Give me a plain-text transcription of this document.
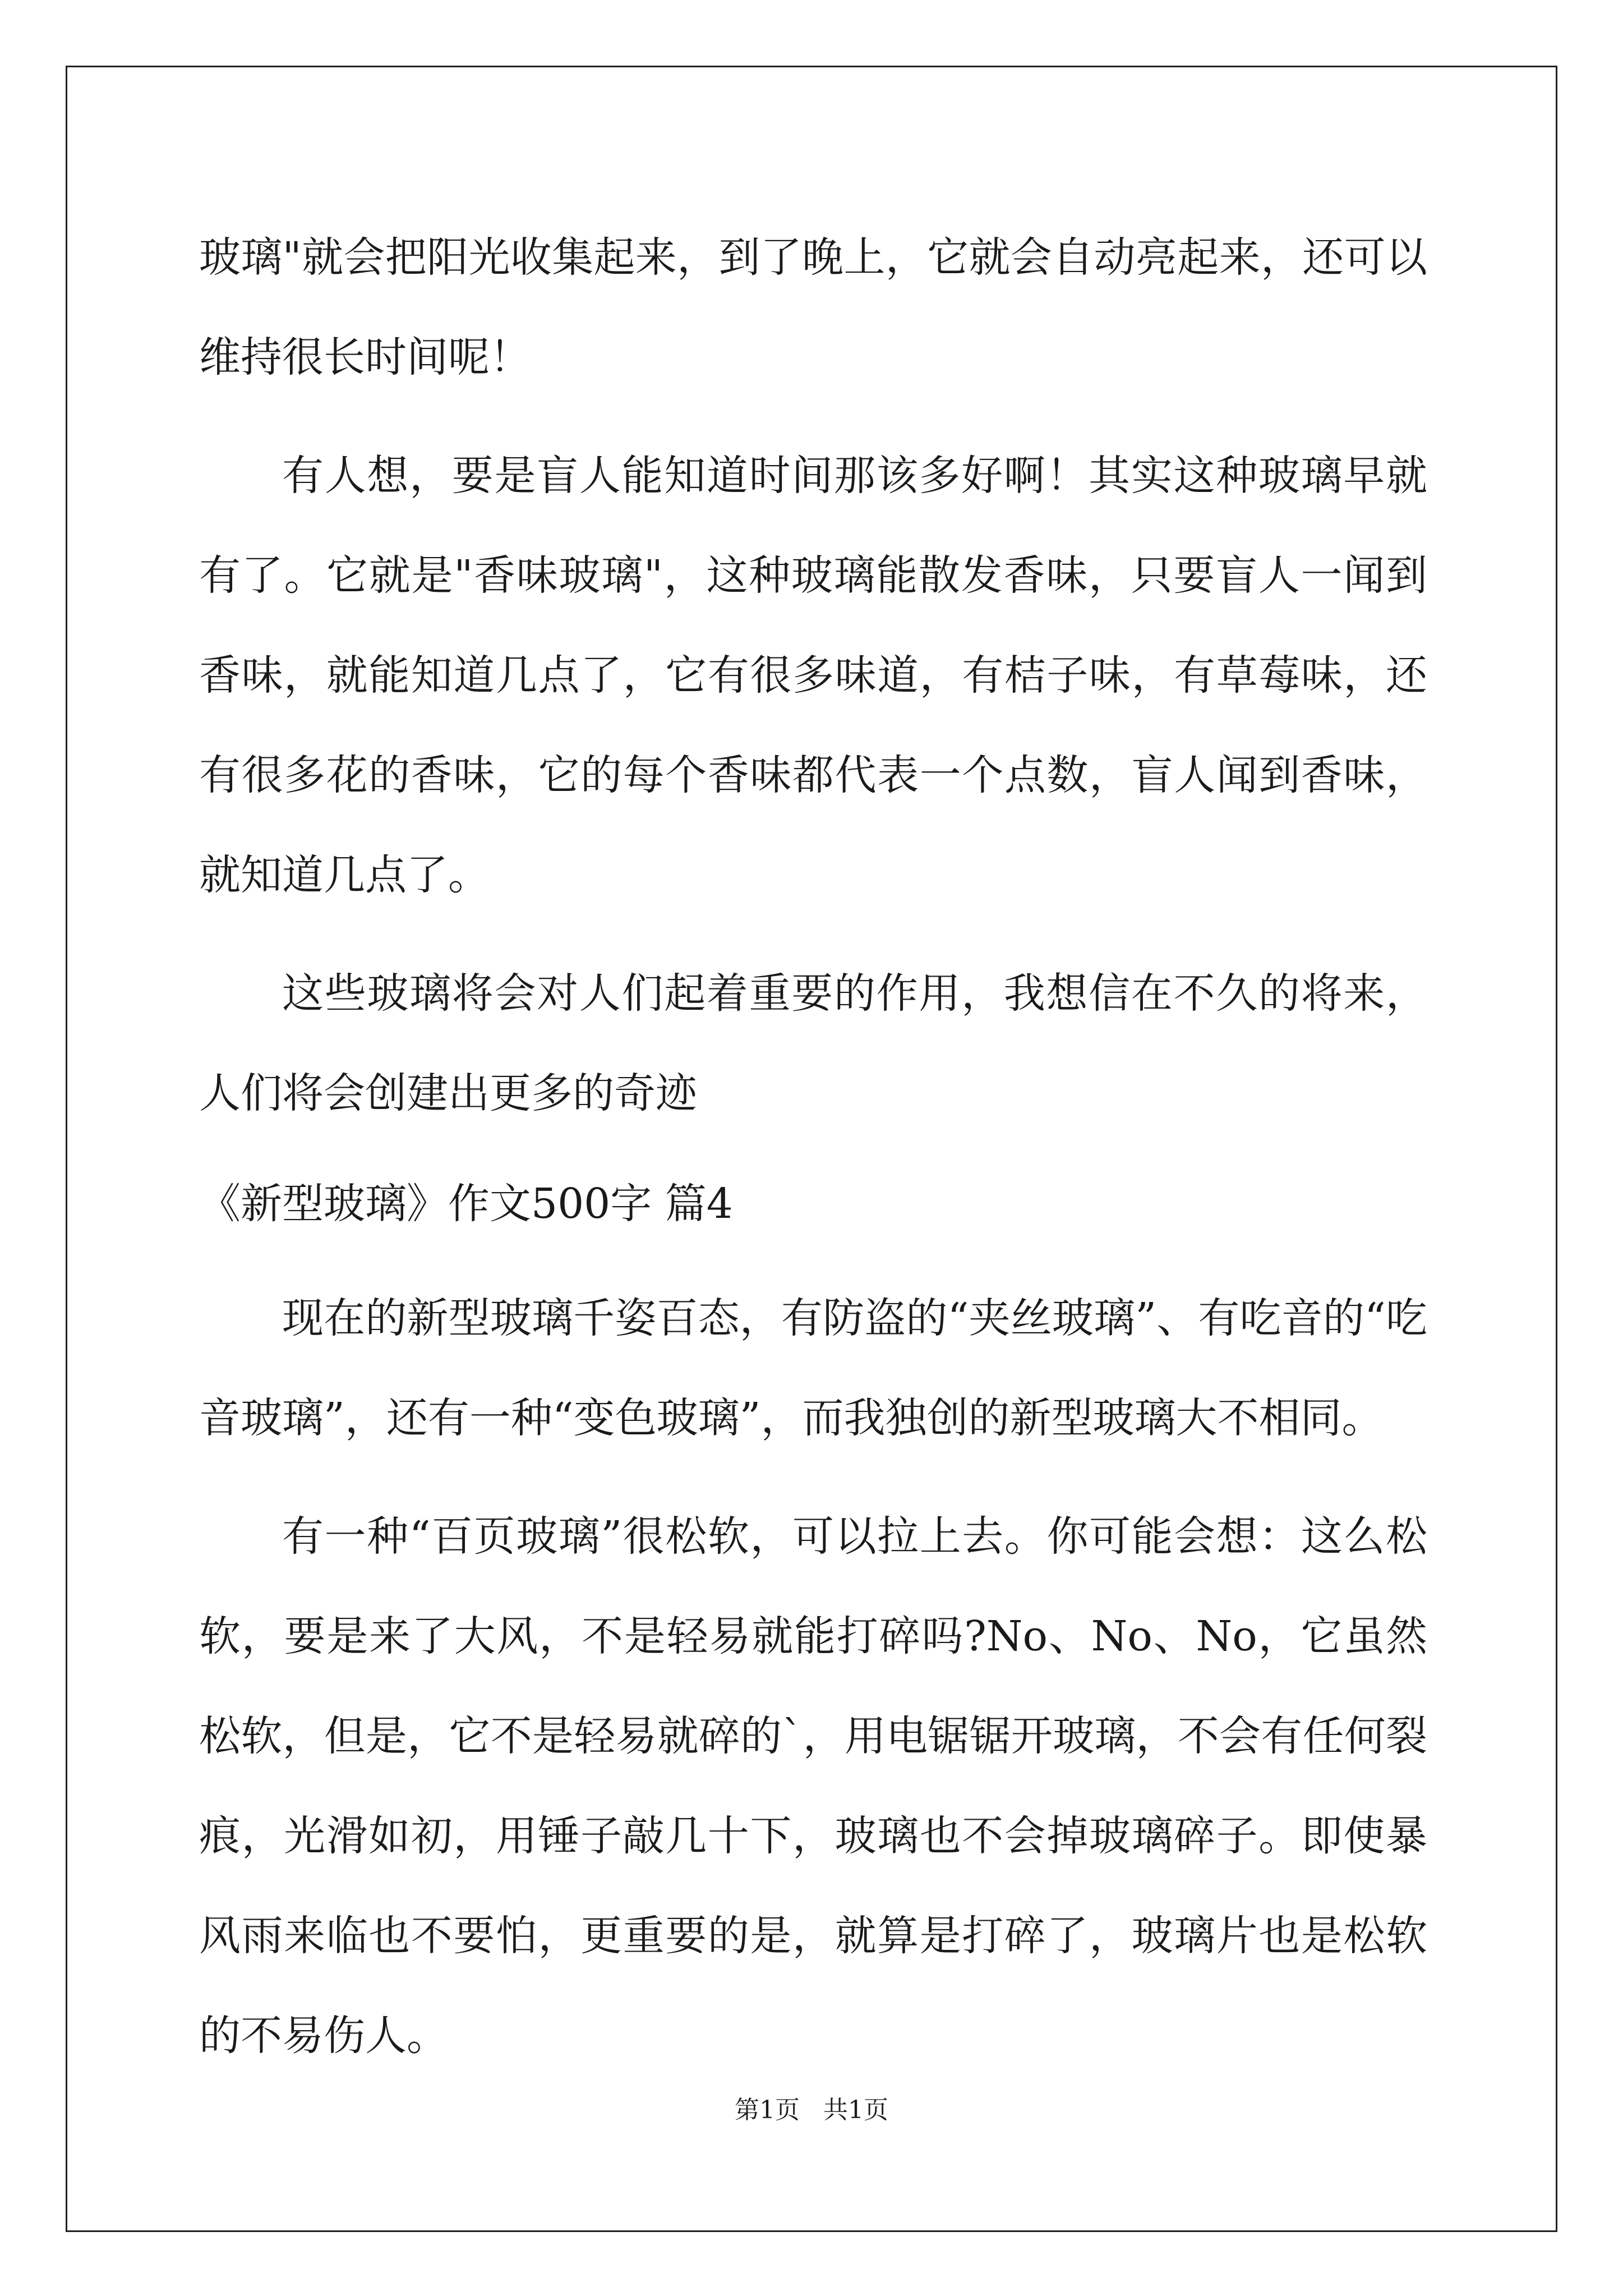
玻璃"就会把阳光收集起来，到了晚上，它就会自动亮起来，还可以维持很长时间呢！

有人想，要是盲人能知道时间那该多好啊！其实这种玻璃早就有了。它就是"香味玻璃"，这种玻璃能散发香味，只要盲人一闻到香味，就能知道几点了，它有很多味道，有桔子味，有草莓味，还有很多花的香味，它的每个香味都代表一个点数，盲人闻到香味，就知道几点了。

这些玻璃将会对人们起着重要的作用，我想信在不久的将来，人们将会创建出更多的奇迹

《新型玻璃》作文500字 篇4

现在的新型玻璃千姿百态，有防盗的“夹丝玻璃”、有吃音的“吃音玻璃”，还有一种“变色玻璃”，而我独创的新型玻璃大不相同。

有一种“百页玻璃”很松软，可以拉上去。你可能会想：这么松软，要是来了大风，不是轻易就能打碎吗?No、No、No，它虽然松软，但是，它不是轻易就碎的`，用电锯锯开玻璃，不会有任何裂痕，光滑如初，用锤子敲几十下，玻璃也不会掉玻璃碎子。即使暴风雨来临也不要怕，更重要的是，就算是打碎了，玻璃片也是松软的不易伤人。

第1页 共1页
